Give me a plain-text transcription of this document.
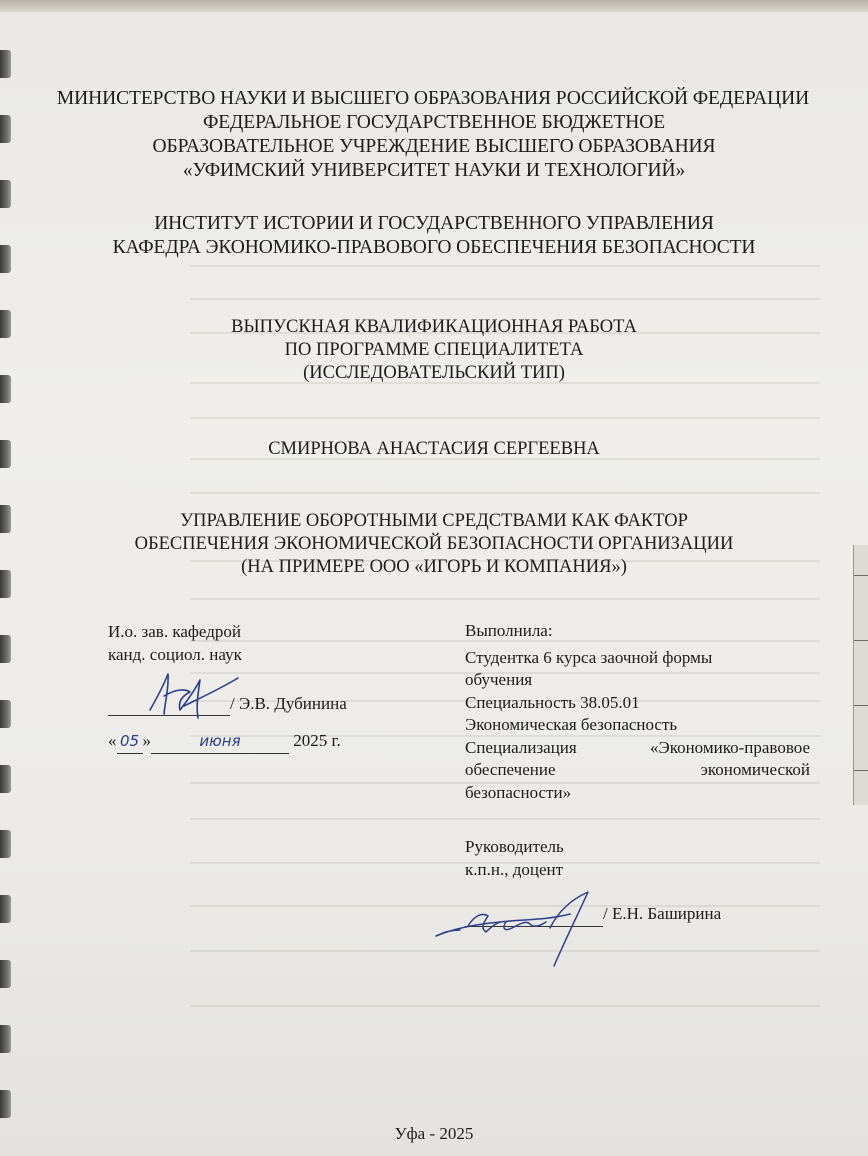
МИНИСТЕРСТВО НАУКИ И ВЫСШЕГО ОБРАЗОВАНИЯ РОССИЙСКОЙ ФЕДЕРАЦИИ
ФЕДЕРАЛЬНОЕ ГОСУДАРСТВЕННОЕ БЮДЖЕТНОЕ
ОБРАЗОВАТЕЛЬНОЕ УЧРЕЖДЕНИЕ ВЫСШЕГО ОБРАЗОВАНИЯ
«УФИМСКИЙ УНИВЕРСИТЕТ НАУКИ И ТЕХНОЛОГИЙ»
ИНСТИТУТ ИСТОРИИ И ГОСУДАРСТВЕННОГО УПРАВЛЕНИЯ
КАФЕДРА ЭКОНОМИКО-ПРАВОВОГО ОБЕСПЕЧЕНИЯ БЕЗОПАСНОСТИ
ВЫПУСКНАЯ КВАЛИФИКАЦИОННАЯ РАБОТА
ПО ПРОГРАММЕ СПЕЦИАЛИТЕТА
(ИССЛЕДОВАТЕЛЬСКИЙ ТИП)
СМИРНОВА АНАСТАСИЯ СЕРГЕЕВНА
УПРАВЛЕНИЕ ОБОРОТНЫМИ СРЕДСТВАМИ КАК ФАКТОР
ОБЕСПЕЧЕНИЯ ЭКОНОМИЧЕСКОЙ БЕЗОПАСНОСТИ ОРГАНИЗАЦИИ
(НА ПРИМЕРЕ ООО «ИГОРЬ И КОМПАНИЯ»)
И.о. зав. кафедрой
канд. социол. наук
/ Э.В. Дубинина
« 05 »	июня	2025 г.
Выполнила:
Студентка 6 курса заочной формы
обучения
Специальность 38.05.01
Экономическая безопасность
Специализация	«Экономико-правовое
обеспечение	экономической
безопасности»
Руководитель
к.п.н., доцент
/ Е.Н. Баширина
Уфа - 2025
